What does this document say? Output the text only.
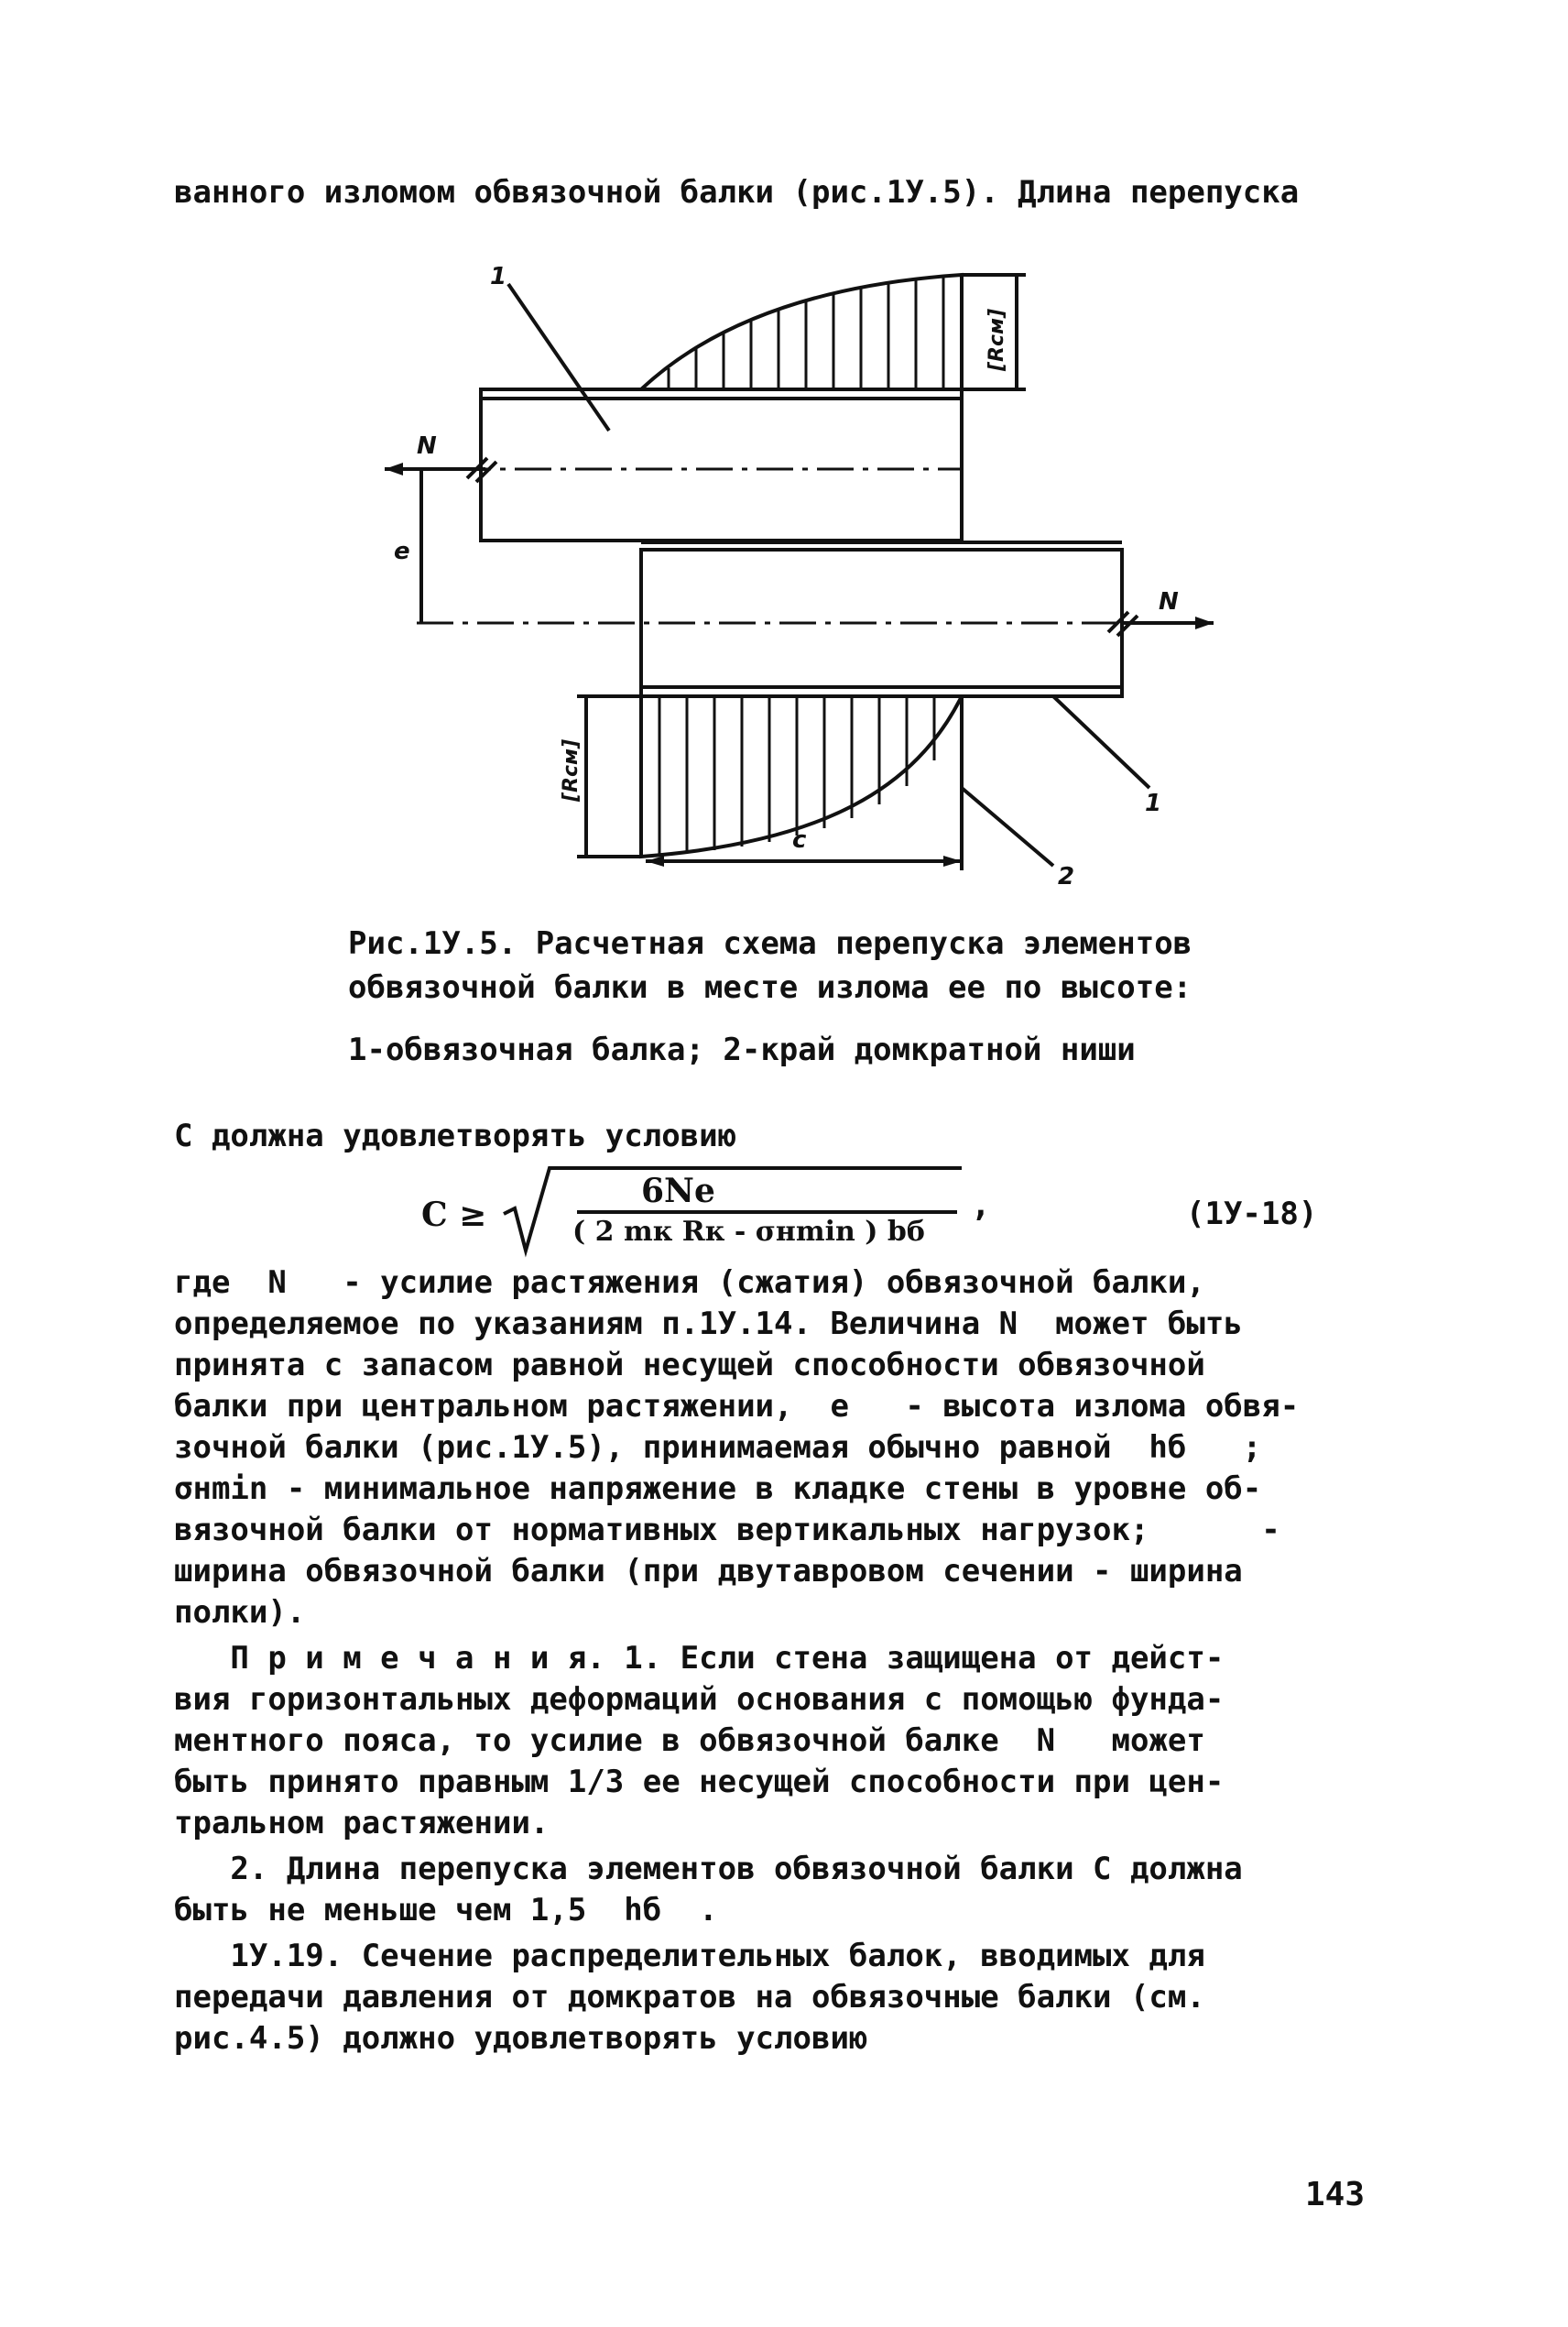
ванного изломом обвязочной балки (рис.1У.5). Длина перепуска
1
N
e
N
1
c
2
[Rсм]
[Rсм]
Рис.1У.5. Расчетная схема перепуска элементов
обвязочной балки в месте излома ее по высоте:
1-обвязочная балка; 2-край домкратной ниши
С должна удовлетворять условию
C ≥
6Ne
( 2 mк Rк - σнmin ) bб
,	(1У-18)
где  N   - усилие растяжения (сжатия) обвязочной балки,
определяемое по указаниям п.1У.14. Величина N  может быть
принята с запасом равной несущей способности обвязочной
балки при центральном растяжении,  e   - высота излома обвя-
зочной балки (рис.1У.5), принимаемая обычно равной  hб   ;
σнmin - минимальное напряжение в кладке стены в уровне об-
вязочной балки от нормативных вертикальных нагрузок;      -
ширина обвязочной балки (при двутавровом сечении - ширина
полки).
П р и м е ч а н и я. 1. Если стена защищена от дейст-
вия горизонтальных деформаций основания с помощью фунда-
ментного пояса, то усилие в обвязочной балке  N   может
быть принято правным 1/3 ее несущей способности при цен-
тральном растяжении.
2. Длина перепуска элементов обвязочной балки С должна
быть не меньше чем 1,5  hб  .
1У.19. Сечение распределительных балок, вводимых для
передачи давления от домкратов на обвязочные балки (см.
рис.4.5) должно удовлетворять условию
143
